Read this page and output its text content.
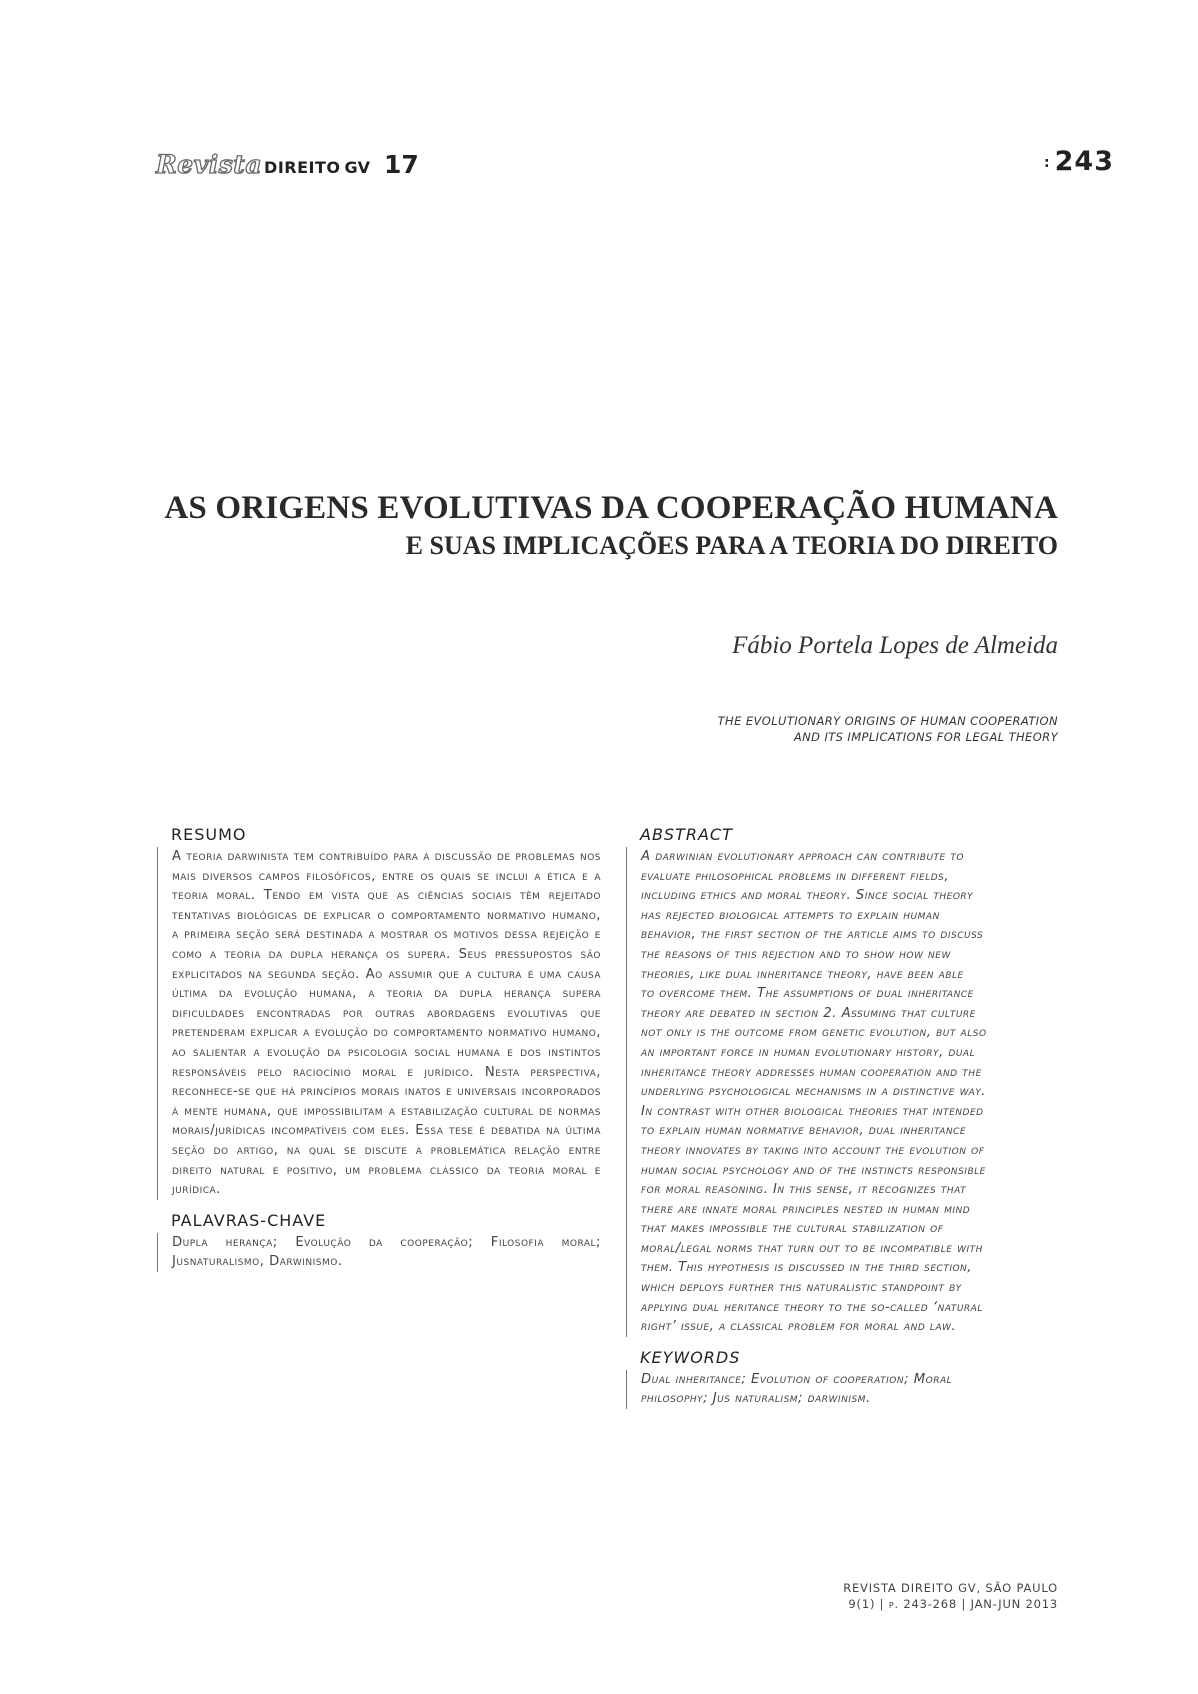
Revista DIREITO GV 17	: 243
AS ORIGENS EVOLUTIVAS DA COOPERAÇÃO HUMANA
E SUAS IMPLICAÇÕES PARA A TEORIA DO DIREITO
Fábio Portela Lopes de Almeida
THE EVOLUTIONARY ORIGINS OF HUMAN COOPERATION
AND ITS IMPLICATIONS FOR LEGAL THEORY
RESUMO
A teoria darwinista tem contribuído para a discussão de problemas nos mais diversos campos filosóficos, entre os quais se inclui a ética e a teoria moral. Tendo em vista que as ciências sociais têm rejeitado tentativas biológicas de explicar o comportamento normativo humano, a primeira seção será destinada a mostrar os motivos dessa rejeição e como a teoria da dupla herança os supera. Seus pressupostos são explicitados na segunda seção. Ao assumir que a cultura é uma causa última da evolução humana, a teoria da dupla herança supera dificuldades encontradas por outras abordagens evolutivas que pretenderam explicar a evolução do comportamento normativo humano, ao salientar a evolução da psicologia social humana e dos instintos responsáveis pelo raciocínio moral e jurídico. Nesta perspectiva, reconhece-se que há princípios morais inatos e universais incorporados à mente humana, que impossibilitam a estabilização cultural de normas morais/jurídicas incompatíveis com eles. Essa tese é debatida na última seção do artigo, na qual se discute a problemática relação entre direito natural e positivo, um problema clássico da teoria moral e jurídica.
PALAVRAS-CHAVE
Dupla herança; Evolução da cooperação; Filosofia moral; Jusnaturalismo, Darwinismo.
ABSTRACT
A darwinian evolutionary approach can contribute to
evaluate philosophical problems in different fields,
including ethics and moral theory. Since social theory
has rejected biological attempts to explain human
behavior, the first section of the article aims to discuss
the reasons of this rejection and to show how new
theories, like dual inheritance theory, have been able
to overcome them. The assumptions of dual inheritance
theory are debated in section 2. Assuming that culture
not only is the outcome from genetic evolution, but also
an important force in human evolutionary history, dual
inheritance theory addresses human cooperation and the
underlying psychological mechanisms in a distinctive way.
In contrast with other biological theories that intended
to explain human normative behavior, dual inheritance
theory innovates by taking into account the evolution of
human social psychology and of the instincts responsible
for moral reasoning. In this sense, it recognizes that
there are innate moral principles nested in human mind
that makes impossible the cultural stabilization of
moral/legal norms that turn out to be incompatible with
them. This hypothesis is discussed in the third section,
which deploys further this naturalistic standpoint by
applying dual heritance theory to the so-called ‘natural
right’ issue, a classical problem for moral and law.
KEYWORDS
Dual inheritance; Evolution of cooperation; Moral
philosophy; Jus naturalism; darwinism.
REVISTA DIREITO GV, SÃO PAULO
9(1) | p. 243-268 | JAN-JUN 2013
